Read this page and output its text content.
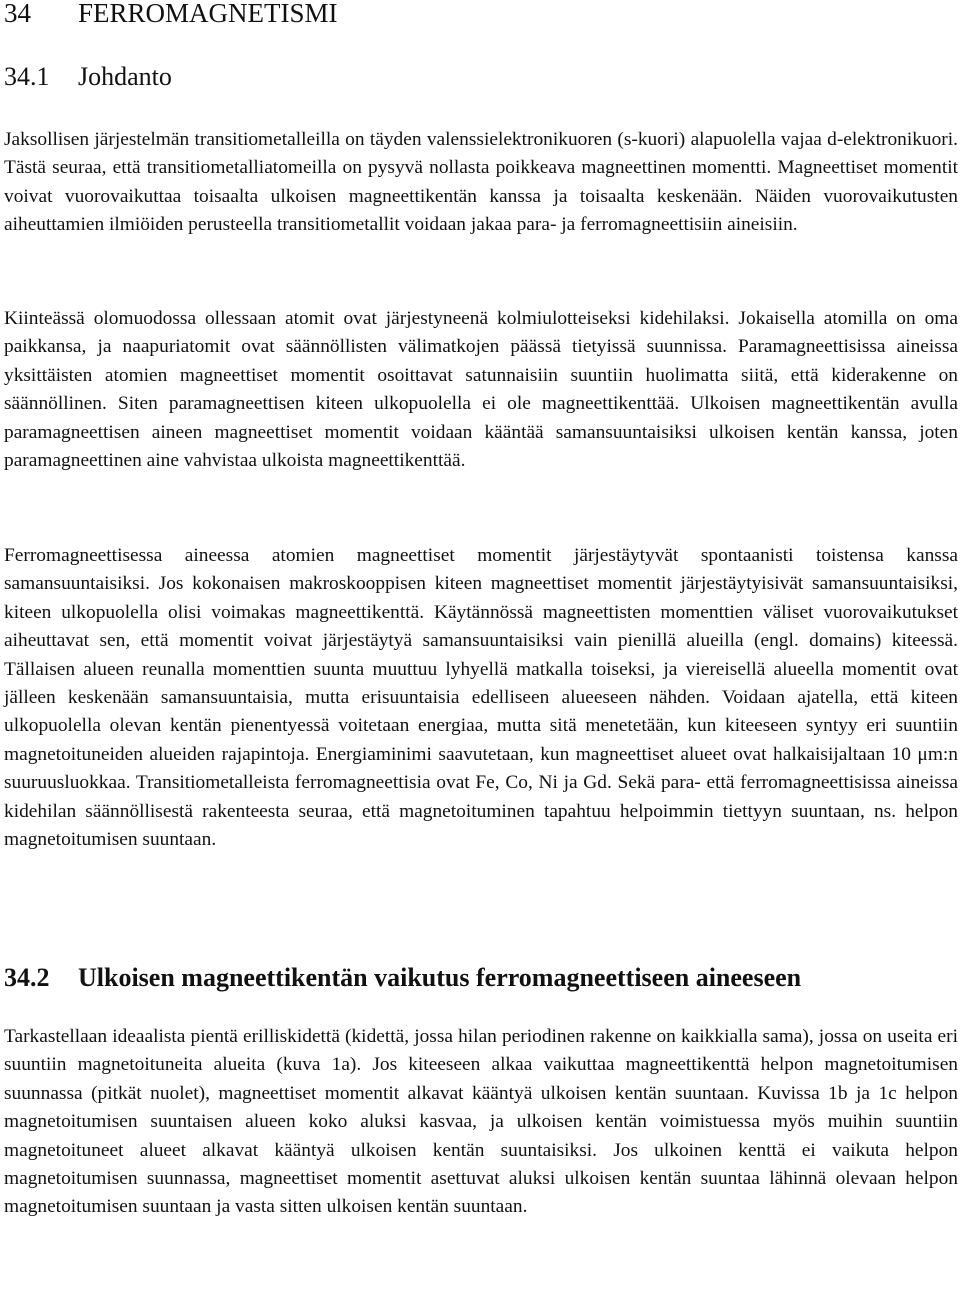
34 FERROMAGNETISMI
34.1 Johdanto

Jaksollisen järjestelmän transitiometalleilla on täyden valenssielektronikuoren (s-kuori) alapuolella vajaa d-elektronikuori. Tästä seuraa, että transitiometalliatomeilla on pysyvä nollasta poikkeava magneettinen momentti. Magneettiset momentit voivat vuorovaikuttaa toisaalta ulkoisen magneettikentän kanssa ja toisaalta keskenään. Näiden vuorovaikutusten aiheuttamien ilmiöiden perusteella transitiometallit voidaan jakaa para- ja ferromagneettisiin aineisiin.

Kiinteässä olomuodossa ollessaan atomit ovat järjestyneenä kolmiulotteiseksi kidehilaksi. Jokaisella atomilla on oma paikkansa, ja naapuriatomit ovat säännöllisten välimatkojen päässä tietyissä suunnissa. Paramagneettisissa aineissa yksittäisten atomien magneettiset momentit osoittavat satunnaisiin suuntiin huolimatta siitä, että kiderakenne on säännöllinen. Siten paramagneettisen kiteen ulkopuolella ei ole magneettikenttää. Ulkoisen magneettikentän avulla paramagneettisen aineen magneettiset momentit voidaan kääntää samansuuntaisiksi ulkoisen kentän kanssa, joten paramagneettinen aine vahvistaa ulkoista magneettikenttää.

Ferromagneettisessa aineessa atomien magneettiset momentit järjestäytyvät spontaanisti toistensa kanssa samansuuntaisiksi. Jos kokonaisen makroskooppisen kiteen magneettiset momentit järjestäytyisivät samansuuntaisiksi, kiteen ulkopuolella olisi voimakas magneettikenttä. Käytännössä magneettisten momenttien väliset vuorovaikutukset aiheuttavat sen, että momentit voivat järjestäytyä samansuuntaisiksi vain pienillä alueilla (engl. domains) kiteessä. Tällaisen alueen reunalla momenttien suunta muuttuu lyhyellä matkalla toiseksi, ja viereisellä alueella momentit ovat jälleen keskenään samansuuntaisia, mutta erisuuntaisia edelliseen alueeseen nähden. Voidaan ajatella, että kiteen ulkopuolella olevan kentän pienentyessä voitetaan energiaa, mutta sitä menetetään, kun kiteeseen syntyy eri suuntiin magnetoituneiden alueiden rajapintoja. Energiaminimi saavutetaan, kun magneettiset alueet ovat halkaisijaltaan 10 μm:n suuruusluokkaa. Transitiometalleista ferromagneettisia ovat Fe, Co, Ni ja Gd. Sekä para- että ferromagneettisissa aineissa kidehilan säännöllisestä rakenteesta seuraa, että magnetoituminen tapahtuu helpoimmin tiettyyn suuntaan, ns. helpon magnetoitumisen suuntaan.

34.2 Ulkoisen magneettikentän vaikutus ferromagneettiseen aineeseen

Tarkastellaan ideaalista pientä erilliskidettä (kidettä, jossa hilan periodinen rakenne on kaikkialla sama), jossa on useita eri suuntiin magnetoituneita alueita (kuva 1a). Jos kiteeseen alkaa vaikuttaa magneettikenttä helpon magnetoitumisen suunnassa (pitkät nuolet), magneettiset momentit alkavat kääntyä ulkoisen kentän suuntaan. Kuvissa 1b ja 1c helpon magnetoitumisen suuntaisen alueen koko aluksi kasvaa, ja ulkoisen kentän voimistuessa myös muihin suuntiin magnetoituneet alueet alkavat kääntyä ulkoisen kentän suuntaisiksi. Jos ulkoinen kenttä ei vaikuta helpon magnetoitumisen suunnassa, magneettiset momentit asettuvat aluksi ulkoisen kentän suuntaa lähinnä olevaan helpon magnetoitumisen suuntaan ja vasta sitten ulkoisen kentän suuntaan.
